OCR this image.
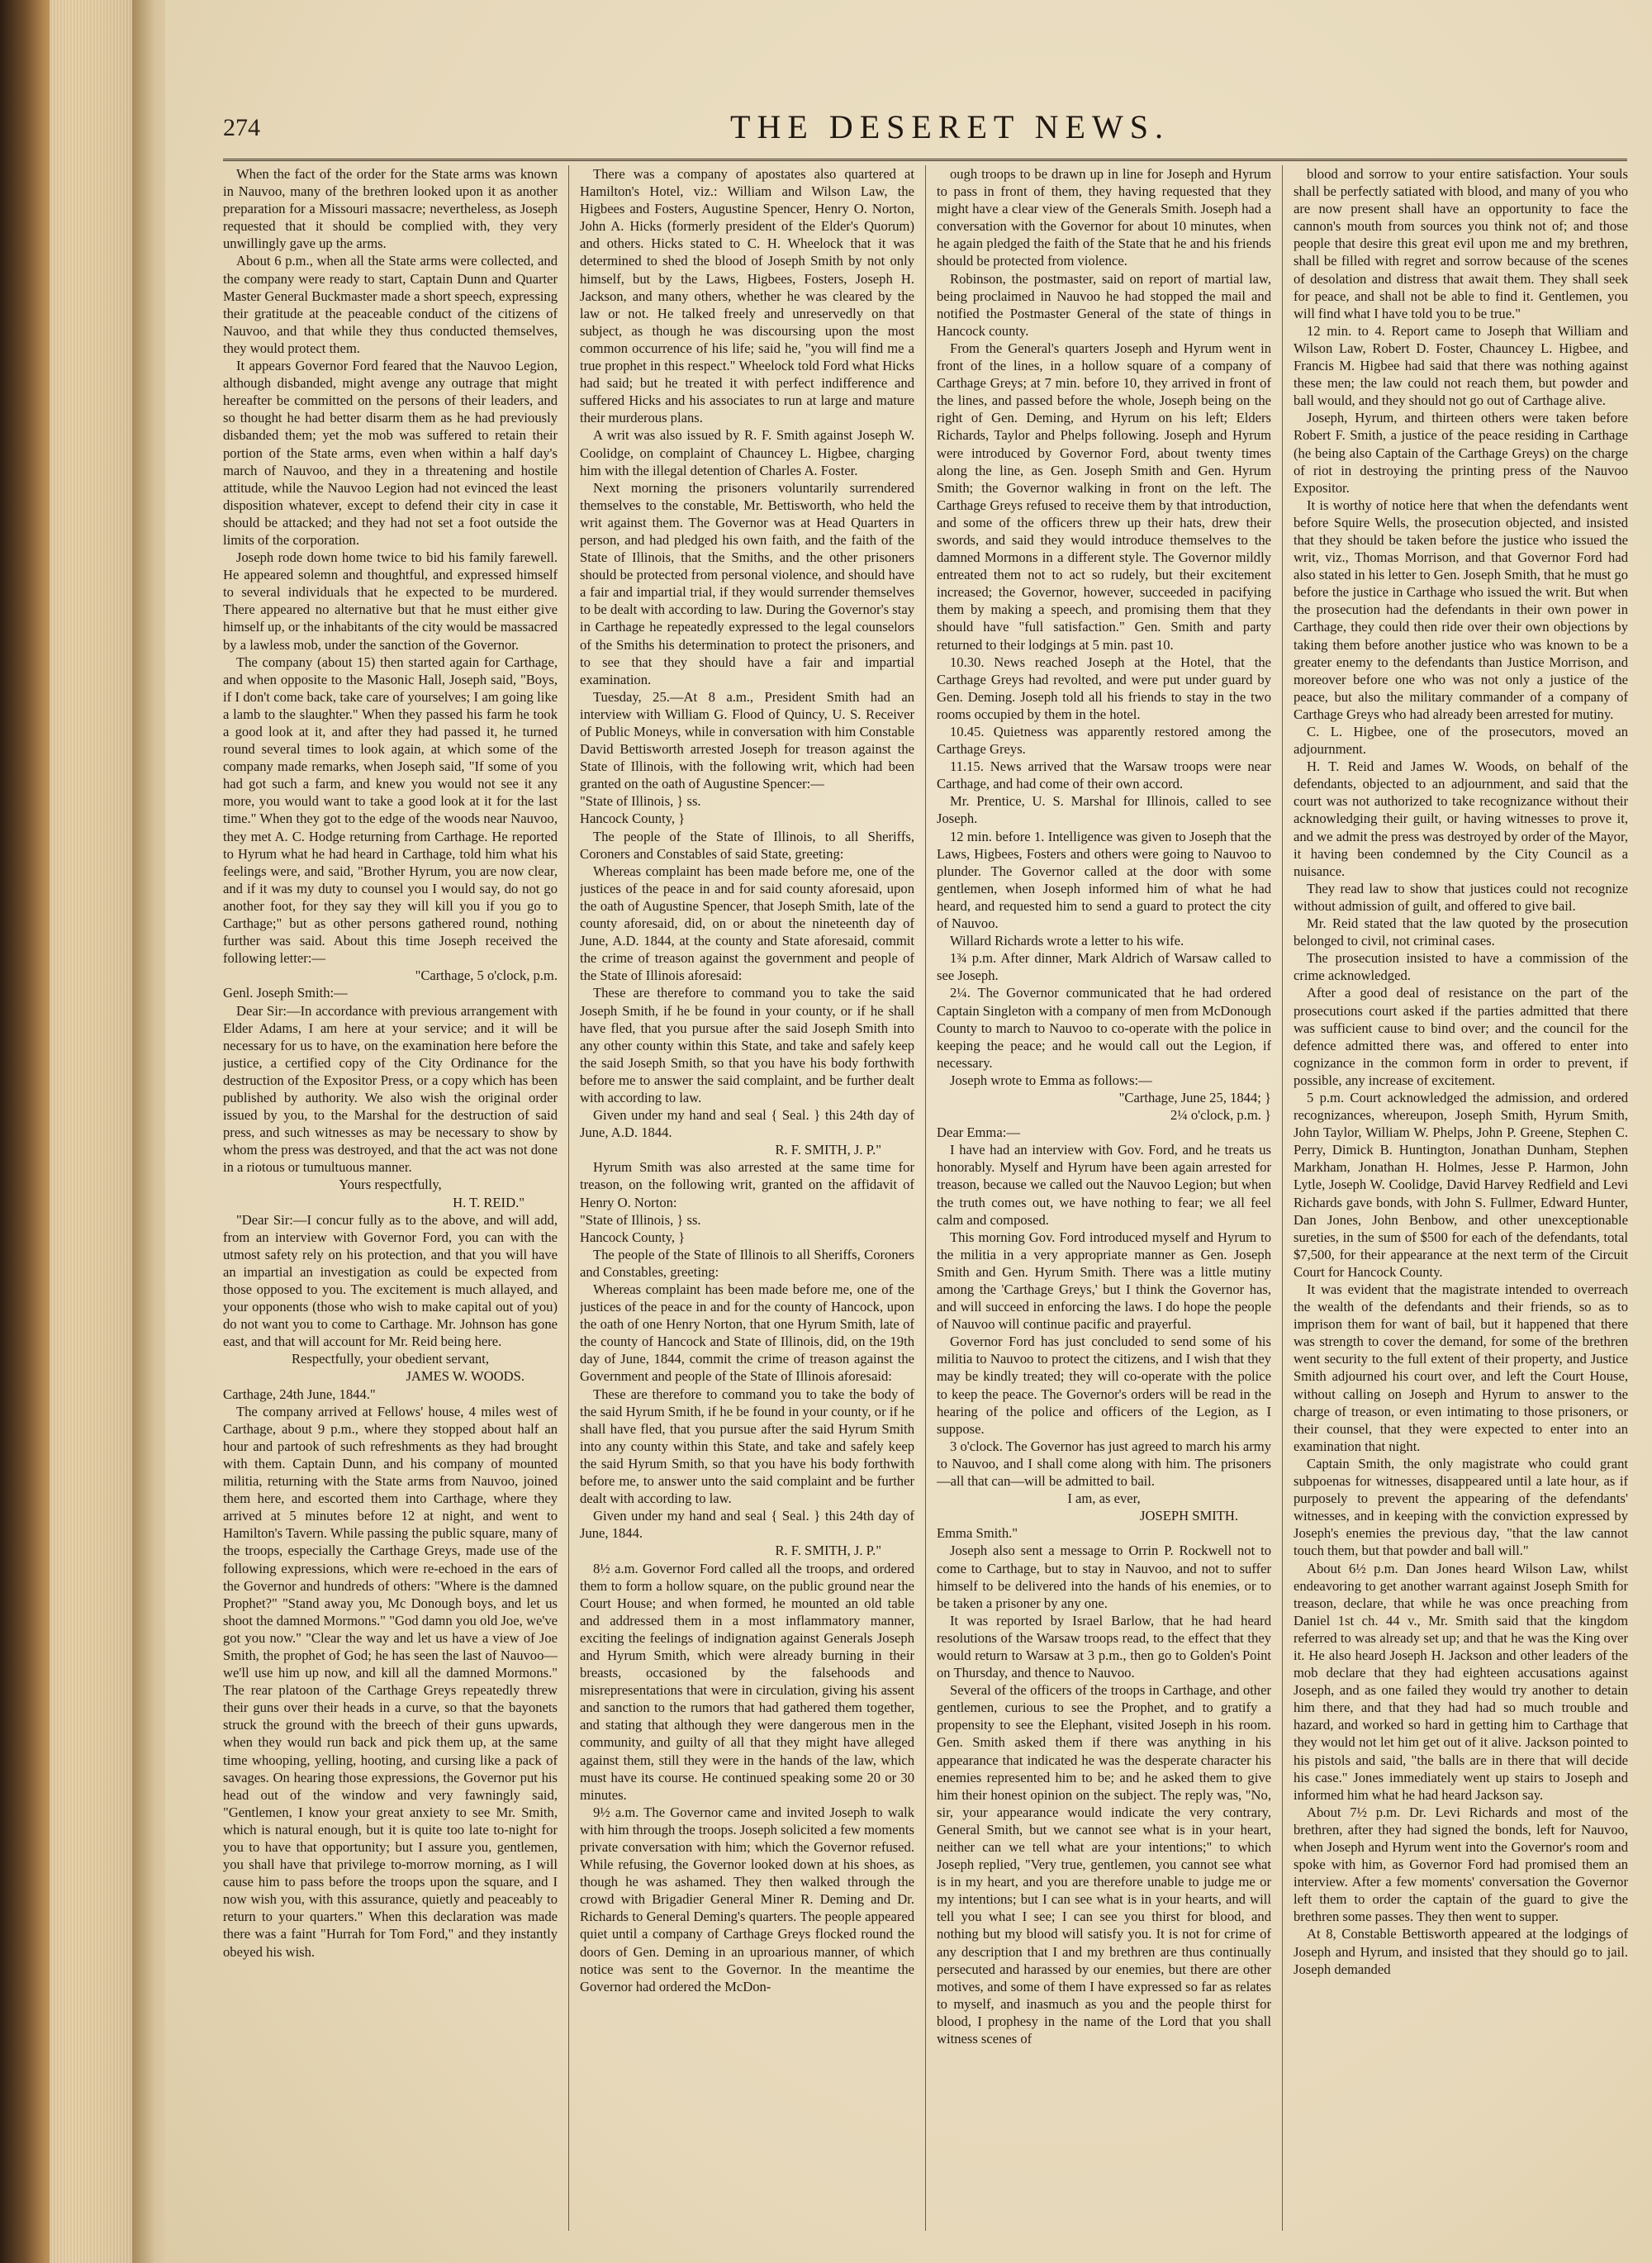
274	THE DESERET NEWS.

When the fact of the order for the State arms was known in Nauvoo, many of the brethren looked upon it as another preparation for a Missouri massacre; nevertheless, as Joseph requested that it should be complied with, they very unwillingly gave up the arms.

About 6 p.m., when all the State arms were collected, and the company were ready to start, Captain Dunn and Quarter Master General Buckmaster made a short speech, expressing their gratitude at the peaceable conduct of the citizens of Nauvoo, and that while they thus conducted themselves, they would protect them.

It appears Governor Ford feared that the Nauvoo Legion, although disbanded, might avenge any outrage that might hereafter be committed on the persons of their leaders, and so thought he had better disarm them as he had previously disbanded them; yet the mob was suffered to retain their portion of the State arms, even when within a half day's march of Nauvoo, and they in a threatening and hostile attitude, while the Nauvoo Legion had not evinced the least disposition whatever, except to defend their city in case it should be attacked; and they had not set a foot outside the limits of the corporation.

Joseph rode down home twice to bid his family farewell. He appeared solemn and thoughtful, and expressed himself to several individuals that he expected to be murdered. There appeared no alternative but that he must either give himself up, or the inhabitants of the city would be massacred by a lawless mob, under the sanction of the Governor.

The company (about 15) then started again for Carthage, and when opposite to the Masonic Hall, Joseph said, "Boys, if I don't come back, take care of yourselves; I am going like a lamb to the slaughter." When they passed his farm he took a good look at it, and after they had passed it, he turned round several times to look again, at which some of the company made remarks, when Joseph said, "If some of you had got such a farm, and knew you would not see it any more, you would want to take a good look at it for the last time." When they got to the edge of the woods near Nauvoo, they met A. C. Hodge returning from Carthage. He reported to Hyrum what he had heard in Carthage, told him what his feelings were, and said, "Brother Hyrum, you are now clear, and if it was my duty to counsel you I would say, do not go another foot, for they say they will kill you if you go to Carthage;" but as other persons gathered round, nothing further was said. About this time Joseph received the following letter:—

"Carthage, 5 o'clock, p.m.

Genl. Joseph Smith:—

Dear Sir:—In accordance with previous arrangement with Elder Adams, I am here at your service; and it will be necessary for us to have, on the examination here before the justice, a certified copy of the City Ordinance for the destruction of the Expositor Press, or a copy which has been published by authority. We also wish the original order issued by you, to the Marshal for the destruction of said press, and such witnesses as may be necessary to show by whom the press was destroyed, and that the act was not done in a riotous or tumultuous manner.

Yours respectfully,

H. T. REID."

"Dear Sir:—I concur fully as to the above, and will add, from an interview with Governor Ford, you can with the utmost safety rely on his protection, and that you will have an impartial an investigation as could be expected from those opposed to you. The excitement is much allayed, and your opponents (those who wish to make capital out of you) do not want you to come to Carthage. Mr. Johnson has gone east, and that will account for Mr. Reid being here.

Respectfully, your obedient servant,

JAMES W. WOODS.

Carthage, 24th June, 1844."

The company arrived at Fellows' house, 4 miles west of Carthage, about 9 p.m., where they stopped about half an hour and partook of such refreshments as they had brought with them. Captain Dunn, and his company of mounted militia, returning with the State arms from Nauvoo, joined them here, and escorted them into Carthage, where they arrived at 5 minutes before 12 at night, and went to Hamilton's Tavern. While passing the public square, many of the troops, especially the Carthage Greys, made use of the following expressions, which were re-echoed in the ears of the Governor and hundreds of others: "Where is the damned Prophet?" "Stand away you, Mc Donough boys, and let us shoot the damned Mormons." "God damn you old Joe, we've got you now." "Clear the way and let us have a view of Joe Smith, the prophet of God; he has seen the last of Nauvoo—we'll use him up now, and kill all the damned Mormons." The rear platoon of the Carthage Greys repeatedly threw their guns over their heads in a curve, so that the bayonets struck the ground with the breech of their guns upwards, when they would run back and pick them up, at the same time whooping, yelling, hooting, and cursing like a pack of savages. On hearing those expressions, the Governor put his head out of the window and very fawningly said, "Gentlemen, I know your great anxiety to see Mr. Smith, which is natural enough, but it is quite too late to-night for you to have that opportunity; but I assure you, gentlemen, you shall have that privilege to-morrow morning, as I will cause him to pass before the troops upon the square, and I now wish you, with this assurance, quietly and peaceably to return to your quarters." When this declaration was made there was a faint "Hurrah for Tom Ford," and they instantly obeyed his wish.

There was a company of apostates also quartered at Hamilton's Hotel, viz.: William and Wilson Law, the Higbees and Fosters, Augustine Spencer, Henry O. Norton, John A. Hicks (formerly president of the Elder's Quorum) and others. Hicks stated to C. H. Wheelock that it was determined to shed the blood of Joseph Smith by not only himself, but by the Laws, Higbees, Fosters, Joseph H. Jackson, and many others, whether he was cleared by the law or not. He talked freely and unreservedly on that subject, as though he was discoursing upon the most common occurrence of his life; said he, "you will find me a true prophet in this respect." Wheelock told Ford what Hicks had said; but he treated it with perfect indifference and suffered Hicks and his associates to run at large and mature their murderous plans.

A writ was also issued by R. F. Smith against Joseph W. Coolidge, on complaint of Chauncey L. Higbee, charging him with the illegal detention of Charles A. Foster.

Next morning the prisoners voluntarily surrendered themselves to the constable, Mr. Bettisworth, who held the writ against them. The Governor was at Head Quarters in person, and had pledged his own faith, and the faith of the State of Illinois, that the Smiths, and the other prisoners should be protected from personal violence, and should have a fair and impartial trial, if they would surrender themselves to be dealt with according to law. During the Governor's stay in Carthage he repeatedly expressed to the legal counselors of the Smiths his determination to protect the prisoners, and to see that they should have a fair and impartial examination.

Tuesday, 25.—At 8 a.m., President Smith had an interview with William G. Flood of Quincy, U. S. Receiver of Public Moneys, while in conversation with him Constable David Bettisworth arrested Joseph for treason against the State of Illinois, with the following writ, which had been granted on the oath of Augustine Spencer:—

"State of Illinois, } ss.

Hancock County, }

The people of the State of Illinois, to all Sheriffs, Coroners and Constables of said State, greeting:

Whereas complaint has been made before me, one of the justices of the peace in and for said county aforesaid, upon the oath of Augustine Spencer, that Joseph Smith, late of the county aforesaid, did, on or about the nineteenth day of June, A.D. 1844, at the county and State aforesaid, commit the crime of treason against the government and people of the State of Illinois aforesaid:

These are therefore to command you to take the said Joseph Smith, if he be found in your county, or if he shall have fled, that you pursue after the said Joseph Smith into any other county within this State, and take and safely keep the said Joseph Smith, so that you have his body forthwith before me to answer the said complaint, and be further dealt with according to law.

Given under my hand and seal { Seal. } this 24th day of June, A.D. 1844.

R. F. SMITH, J. P."

Hyrum Smith was also arrested at the same time for treason, on the following writ, granted on the affidavit of Henry O. Norton:

"State of Illinois, } ss.

Hancock County, }

The people of the State of Illinois to all Sheriffs, Coroners and Constables, greeting:

Whereas complaint has been made before me, one of the justices of the peace in and for the county of Hancock, upon the oath of one Henry Norton, that one Hyrum Smith, late of the county of Hancock and State of Illinois, did, on the 19th day of June, 1844, commit the crime of treason against the Government and people of the State of Illinois aforesaid:

These are therefore to command you to take the body of the said Hyrum Smith, if he be found in your county, or if he shall have fled, that you pursue after the said Hyrum Smith into any county within this State, and take and safely keep the said Hyrum Smith, so that you have his body forthwith before me, to answer unto the said complaint and be further dealt with according to law.

Given under my hand and seal { Seal. } this 24th day of June, 1844.

R. F. SMITH, J. P."

8½ a.m. Governor Ford called all the troops, and ordered them to form a hollow square, on the public ground near the Court House; and when formed, he mounted an old table and addressed them in a most inflammatory manner, exciting the feelings of indignation against Generals Joseph and Hyrum Smith, which were already burning in their breasts, occasioned by the falsehoods and misrepresentations that were in circulation, giving his assent and sanction to the rumors that had gathered them together, and stating that although they were dangerous men in the community, and guilty of all that they might have alleged against them, still they were in the hands of the law, which must have its course. He continued speaking some 20 or 30 minutes.

9½ a.m. The Governor came and invited Joseph to walk with him through the troops. Joseph solicited a few moments private conversation with him; which the Governor refused. While refusing, the Governor looked down at his shoes, as though he was ashamed. They then walked through the crowd with Brigadier General Miner R. Deming and Dr. Richards to General Deming's quarters. The people appeared quiet until a company of Carthage Greys flocked round the doors of Gen. Deming in an uproarious manner, of which notice was sent to the Governor. In the meantime the Governor had ordered the McDon-

ough troops to be drawn up in line for Joseph and Hyrum to pass in front of them, they having requested that they might have a clear view of the Generals Smith. Joseph had a conversation with the Governor for about 10 minutes, when he again pledged the faith of the State that he and his friends should be protected from violence.

Robinson, the postmaster, said on report of martial law, being proclaimed in Nauvoo he had stopped the mail and notified the Postmaster General of the state of things in Hancock county.

From the General's quarters Joseph and Hyrum went in front of the lines, in a hollow square of a company of Carthage Greys; at 7 min. before 10, they arrived in front of the lines, and passed before the whole, Joseph being on the right of Gen. Deming, and Hyrum on his left; Elders Richards, Taylor and Phelps following. Joseph and Hyrum were introduced by Governor Ford, about twenty times along the line, as Gen. Joseph Smith and Gen. Hyrum Smith; the Governor walking in front on the left. The Carthage Greys refused to receive them by that introduction, and some of the officers threw up their hats, drew their swords, and said they would introduce themselves to the damned Mormons in a different style. The Governor mildly entreated them not to act so rudely, but their excitement increased; the Governor, however, succeeded in pacifying them by making a speech, and promising them that they should have "full satisfaction." Gen. Smith and party returned to their lodgings at 5 min. past 10.

10.30. News reached Joseph at the Hotel, that the Carthage Greys had revolted, and were put under guard by Gen. Deming. Joseph told all his friends to stay in the two rooms occupied by them in the hotel.

10.45. Quietness was apparently restored among the Carthage Greys.

11.15. News arrived that the Warsaw troops were near Carthage, and had come of their own accord.

Mr. Prentice, U. S. Marshal for Illinois, called to see Joseph.

12 min. before 1. Intelligence was given to Joseph that the Laws, Higbees, Fosters and others were going to Nauvoo to plunder. The Governor called at the door with some gentlemen, when Joseph informed him of what he had heard, and requested him to send a guard to protect the city of Nauvoo.

Willard Richards wrote a letter to his wife.

1¾ p.m. After dinner, Mark Aldrich of Warsaw called to see Joseph.

2¼. The Governor communicated that he had ordered Captain Singleton with a company of men from McDonough County to march to Nauvoo to co-operate with the police in keeping the peace; and he would call out the Legion, if necessary.

Joseph wrote to Emma as follows:—

"Carthage, June 25, 1844; }

2¼ o'clock, p.m. }

Dear Emma:—

I have had an interview with Gov. Ford, and he treats us honorably. Myself and Hyrum have been again arrested for treason, because we called out the Nauvoo Legion; but when the truth comes out, we have nothing to fear; we all feel calm and composed.

This morning Gov. Ford introduced myself and Hyrum to the militia in a very appropriate manner as Gen. Joseph Smith and Gen. Hyrum Smith. There was a little mutiny among the 'Carthage Greys,' but I think the Governor has, and will succeed in enforcing the laws. I do hope the people of Nauvoo will continue pacific and prayerful.

Governor Ford has just concluded to send some of his militia to Nauvoo to protect the citizens, and I wish that they may be kindly treated; they will co-operate with the police to keep the peace. The Governor's orders will be read in the hearing of the police and officers of the Legion, as I suppose.

3 o'clock. The Governor has just agreed to march his army to Nauvoo, and I shall come along with him. The prisoners—all that can—will be admitted to bail.

I am, as ever,

JOSEPH SMITH.

Emma Smith."

Joseph also sent a message to Orrin P. Rockwell not to come to Carthage, but to stay in Nauvoo, and not to suffer himself to be delivered into the hands of his enemies, or to be taken a prisoner by any one.

It was reported by Israel Barlow, that he had heard resolutions of the Warsaw troops read, to the effect that they would return to Warsaw at 3 p.m., then go to Golden's Point on Thursday, and thence to Nauvoo.

Several of the officers of the troops in Carthage, and other gentlemen, curious to see the Prophet, and to gratify a propensity to see the Elephant, visited Joseph in his room. Gen. Smith asked them if there was anything in his appearance that indicated he was the desperate character his enemies represented him to be; and he asked them to give him their honest opinion on the subject. The reply was, "No, sir, your appearance would indicate the very contrary, General Smith, but we cannot see what is in your heart, neither can we tell what are your intentions;" to which Joseph replied, "Very true, gentlemen, you cannot see what is in my heart, and you are therefore unable to judge me or my intentions; but I can see what is in your hearts, and will tell you what I see; I can see you thirst for blood, and nothing but my blood will satisfy you. It is not for crime of any description that I and my brethren are thus continually persecuted and harassed by our enemies, but there are other motives, and some of them I have expressed so far as relates to myself, and inasmuch as you and the people thirst for blood, I prophesy in the name of the Lord that you shall witness scenes of

blood and sorrow to your entire satisfaction. Your souls shall be perfectly satiated with blood, and many of you who are now present shall have an opportunity to face the cannon's mouth from sources you think not of; and those people that desire this great evil upon me and my brethren, shall be filled with regret and sorrow because of the scenes of desolation and distress that await them. They shall seek for peace, and shall not be able to find it. Gentlemen, you will find what I have told you to be true."

12 min. to 4. Report came to Joseph that William and Wilson Law, Robert D. Foster, Chauncey L. Higbee, and Francis M. Higbee had said that there was nothing against these men; the law could not reach them, but powder and ball would, and they should not go out of Carthage alive.

Joseph, Hyrum, and thirteen others were taken before Robert F. Smith, a justice of the peace residing in Carthage (he being also Captain of the Carthage Greys) on the charge of riot in destroying the printing press of the Nauvoo Expositor.

It is worthy of notice here that when the defendants went before Squire Wells, the prosecution objected, and insisted that they should be taken before the justice who issued the writ, viz., Thomas Morrison, and that Governor Ford had also stated in his letter to Gen. Joseph Smith, that he must go before the justice in Carthage who issued the writ. But when the prosecution had the defendants in their own power in Carthage, they could then ride over their own objections by taking them before another justice who was known to be a greater enemy to the defendants than Justice Morrison, and moreover before one who was not only a justice of the peace, but also the military commander of a company of Carthage Greys who had already been arrested for mutiny.

C. L. Higbee, one of the prosecutors, moved an adjournment.

H. T. Reid and James W. Woods, on behalf of the defendants, objected to an adjournment, and said that the court was not authorized to take recognizance without their acknowledging their guilt, or having witnesses to prove it, and we admit the press was destroyed by order of the Mayor, it having been condemned by the City Council as a nuisance.

They read law to show that justices could not recognize without admission of guilt, and offered to give bail.

Mr. Reid stated that the law quoted by the prosecution belonged to civil, not criminal cases.

The prosecution insisted to have a commission of the crime acknowledged.

After a good deal of resistance on the part of the prosecutions court asked if the parties admitted that there was sufficient cause to bind over; and the council for the defence admitted there was, and offered to enter into cognizance in the common form in order to prevent, if possible, any increase of excitement.

5 p.m. Court acknowledged the admission, and ordered recognizances, whereupon, Joseph Smith, Hyrum Smith, John Taylor, William W. Phelps, John P. Greene, Stephen C. Perry, Dimick B. Huntington, Jonathan Dunham, Stephen Markham, Jonathan H. Holmes, Jesse P. Harmon, John Lytle, Joseph W. Coolidge, David Harvey Redfield and Levi Richards gave bonds, with John S. Fullmer, Edward Hunter, Dan Jones, John Benbow, and other unexceptionable sureties, in the sum of $500 for each of the defendants, total $7,500, for their appearance at the next term of the Circuit Court for Hancock County.

It was evident that the magistrate intended to overreach the wealth of the defendants and their friends, so as to imprison them for want of bail, but it happened that there was strength to cover the demand, for some of the brethren went security to the full extent of their property, and Justice Smith adjourned his court over, and left the Court House, without calling on Joseph and Hyrum to answer to the charge of treason, or even intimating to those prisoners, or their counsel, that they were expected to enter into an examination that night.

Captain Smith, the only magistrate who could grant subpoenas for witnesses, disappeared until a late hour, as if purposely to prevent the appearing of the defendants' witnesses, and in keeping with the conviction expressed by Joseph's enemies the previous day, "that the law cannot touch them, but that powder and ball will."

About 6½ p.m. Dan Jones heard Wilson Law, whilst endeavoring to get another warrant against Joseph Smith for treason, declare, that while he was once preaching from Daniel 1st ch. 44 v., Mr. Smith said that the kingdom referred to was already set up; and that he was the King over it. He also heard Joseph H. Jackson and other leaders of the mob declare that they had eighteen accusations against Joseph, and as one failed they would try another to detain him there, and that they had had so much trouble and hazard, and worked so hard in getting him to Carthage that they would not let him get out of it alive. Jackson pointed to his pistols and said, "the balls are in there that will decide his case." Jones immediately went up stairs to Joseph and informed him what he had heard Jackson say.

About 7½ p.m. Dr. Levi Richards and most of the brethren, after they had signed the bonds, left for Nauvoo, when Joseph and Hyrum went into the Governor's room and spoke with him, as Governor Ford had promised them an interview. After a few moments' conversation the Governor left them to order the captain of the guard to give the brethren some passes. They then went to supper.

At 8, Constable Bettisworth appeared at the lodgings of Joseph and Hyrum, and insisted that they should go to jail. Joseph demanded
